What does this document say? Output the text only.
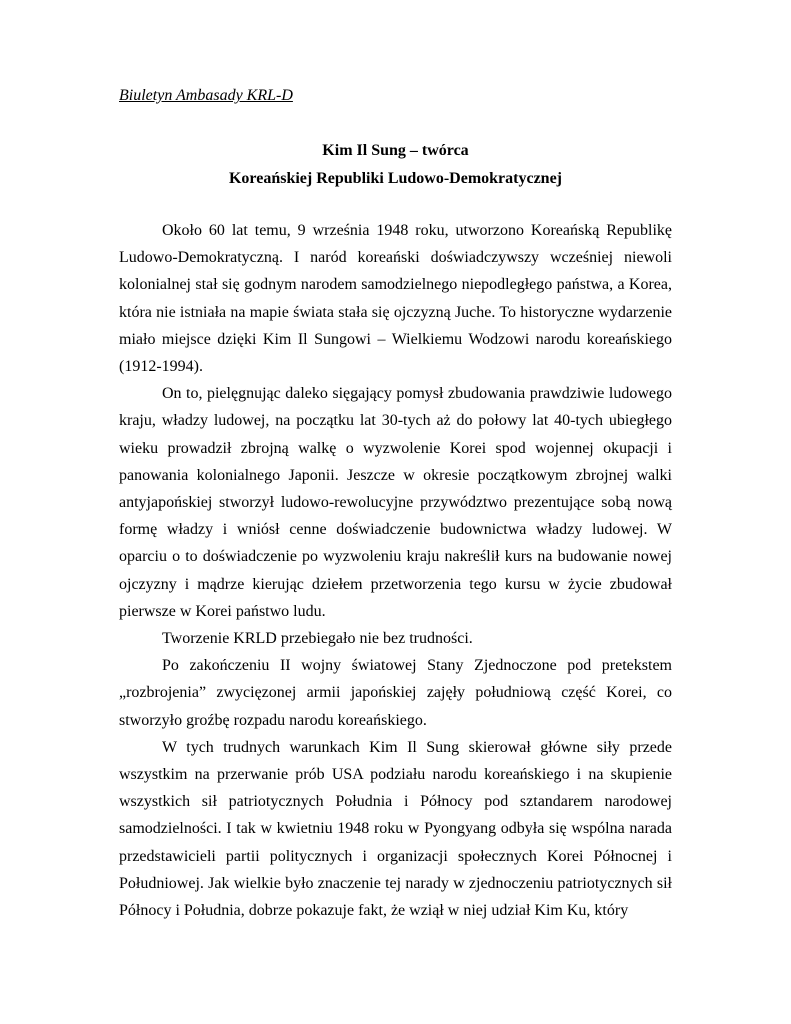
Biuletyn Ambasady KRL-D
Kim Il Sung – twórca
Koreańskiej Republiki Ludowo-Demokratycznej

Około 60 lat temu, 9 września 1948 roku, utworzono Koreańską Republikę Ludowo-Demokratyczną. I naród koreański doświadczywszy wcześniej niewoli kolonialnej stał się godnym narodem samodzielnego niepodległego państwa, a Korea, która nie istniała na mapie świata stała się ojczyzną Juche. To historyczne wydarzenie miało miejsce dzięki Kim Il Sungowi – Wielkiemu Wodzowi narodu koreańskiego (1912-1994).

On to, pielęgnując daleko sięgający pomysł zbudowania prawdziwie ludowego kraju, władzy ludowej, na początku lat 30-tych aż do połowy lat 40-tych ubiegłego wieku prowadził zbrojną walkę o wyzwolenie Korei spod wojennej okupacji i panowania kolonialnego Japonii. Jeszcze w okresie początkowym zbrojnej walki antyjapońskiej stworzył ludowo-rewolucyjne przywództwo prezentujące sobą nową formę władzy i wniósł cenne doświadczenie budownictwa władzy ludowej. W oparciu o to doświadczenie po wyzwoleniu kraju nakreślił kurs na budowanie nowej ojczyzny i mądrze kierując dziełem przetworzenia tego kursu w życie zbudował pierwsze w Korei państwo ludu.

Tworzenie KRLD przebiegało nie bez trudności.

Po zakończeniu II wojny światowej Stany Zjednoczone pod pretekstem „rozbrojenia” zwycięzonej armii japońskiej zajęły południową część Korei, co stworzyło groźbę rozpadu narodu koreańskiego.

W tych trudnych warunkach Kim Il Sung skierował główne siły przede wszystkim na przerwanie prób USA podziału narodu koreańskiego i na skupienie wszystkich sił patriotycznych Południa i Północy pod sztandarem narodowej samodzielności. I tak w kwietniu 1948 roku w Pyongyang odbyła się wspólna narada przedstawicieli partii politycznych i organizacji społecznych Korei Północnej i Południowej. Jak wielkie było znaczenie tej narady w zjednoczeniu patriotycznych sił Północy i Południa, dobrze pokazuje fakt, że wziął w niej udział Kim Ku, który
